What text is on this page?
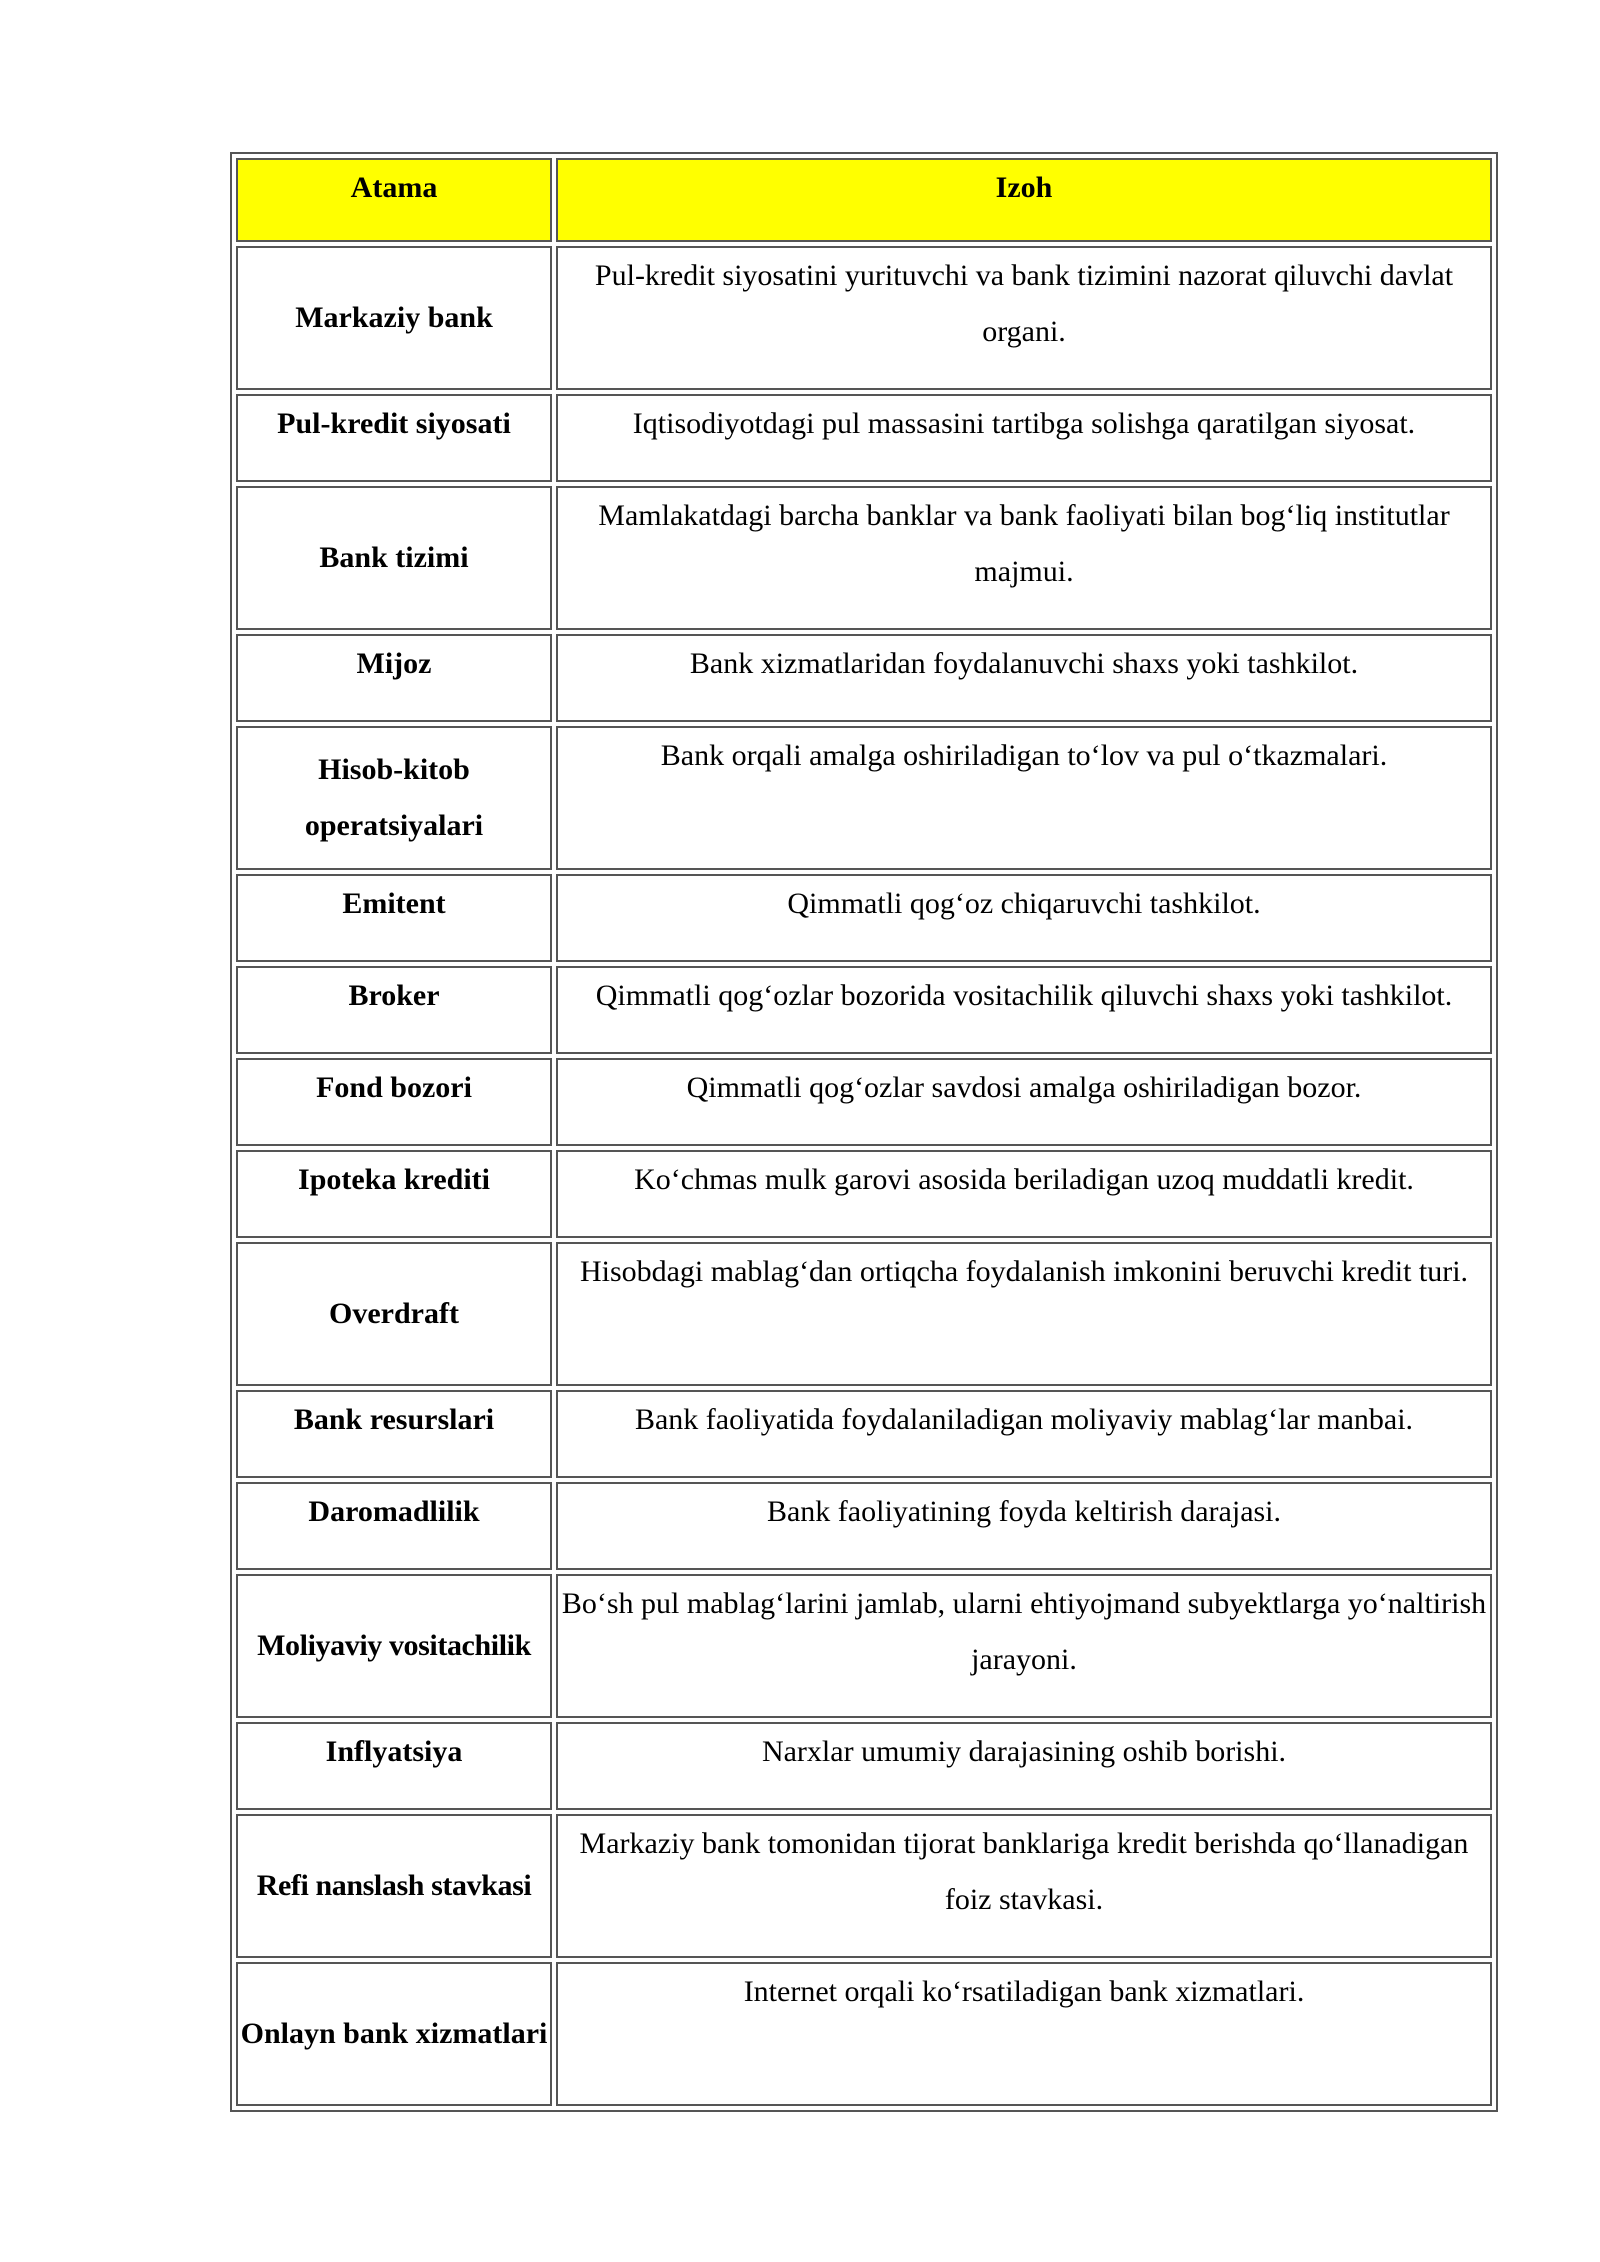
Atama	Izoh
Markaziy bank	Pul-kredit siyosatini yurituvchi va bank tizimini nazorat qiluvchi davlat organi.
Pul-kredit siyosati	Iqtisodiyotdagi pul massasini tartibga solishga qaratilgan siyosat.
Bank tizimi	Mamlakatdagi barcha banklar va bank faoliyati bilan bog‘liq institutlar majmui.
Mijoz	Bank xizmatlaridan foydalanuvchi shaxs yoki tashkilot.
Hisob-kitob operatsiyalari	Bank orqali amalga oshiriladigan to‘lov va pul o‘tkazmalari.
Emitent	Qimmatli qog‘oz chiqaruvchi tashkilot.
Broker	Qimmatli qog‘ozlar bozorida vositachilik qiluvchi shaxs yoki tashkilot.
Fond bozori	Qimmatli qog‘ozlar savdosi amalga oshiriladigan bozor.
Ipoteka krediti	Ko‘chmas mulk garovi asosida beriladigan uzoq muddatli kredit.
Overdraft	Hisobdagi mablag‘dan ortiqcha foydalanish imkonini beruvchi kredit turi.
Bank resurslari	Bank faoliyatida foydalaniladigan moliyaviy mablag‘lar manbai.
Daromadlilik	Bank faoliyatining foyda keltirish darajasi.
Moliyaviy vositachilik	Bo‘sh pul mablag‘larini jamlab, ularni ehtiyojmand subyektlarga yo‘naltirish jarayoni.
Inflyatsiya	Narxlar umumiy darajasining oshib borishi.
Refi nanslash stavkasi	Markaziy bank tomonidan tijorat banklariga kredit berishda qo‘llanadigan foiz stavkasi.
Onlayn bank xizmatlari	Internet orqali ko‘rsatiladigan bank xizmatlari.
